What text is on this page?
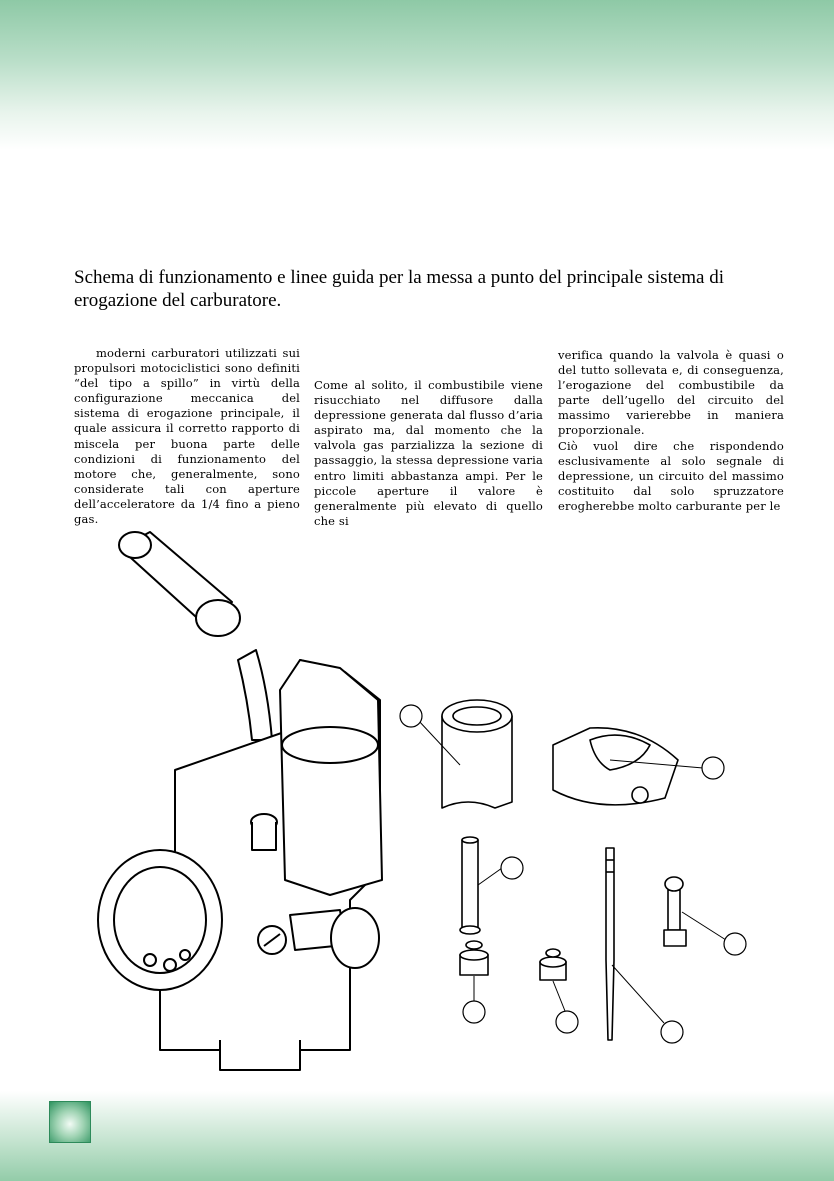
Schema di funzionamento e linee guida per la messa a punto del principale sistema di erogazione del carburatore.

moderni carburatori utilizzati sui propulsori motociclistici sono definiti “del tipo a spillo” in virtù della configurazione meccanica del sistema di erogazione principale, il quale assicura il corretto rapporto di miscela per buona parte delle condizioni di funzionamento del motore che, generalmente, sono considerate tali con aperture dell’acceleratore da 1/4 fino a pieno gas.

Come al solito, il combustibile viene risucchiato nel diffusore dalla depressione generata dal flusso d’aria aspirato ma, dal momento che la valvola gas parzializza la sezione di passaggio, la stessa depressione varia entro limiti abbastanza ampi. Per le piccole aperture il valore è generalmente più elevato di quello che si

verifica quando la valvola è quasi o del tutto sollevata e, di conseguenza, l’erogazione del combustibile da parte dell’ugello del circuito del massimo varierebbe in maniera proporzionale.

Ciò vuol dire che rispondendo esclusivamente al solo segnale di depressione, un circuito del massimo costituito dal solo spruzzatore erogherebbe molto carburante per le
